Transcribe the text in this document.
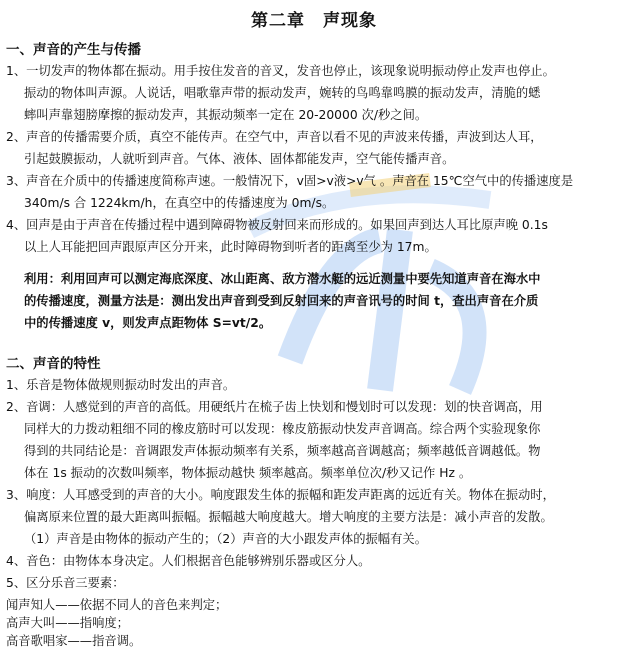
第二章　声现象
一、声音的产生与传播
1、一切发声的物体都在振动。用手按住发音的音叉，发音也停止，该现象说明振动停止发声也停止。
振动的物体叫声源。人说话，唱歌靠声带的振动发声，婉转的鸟鸣靠鸣膜的振动发声，清脆的蟋
蟀叫声靠翅膀摩擦的振动发声，其振动频率一定在 20-20000 次/秒之间。
2、声音的传播需要介质，真空不能传声。在空气中，声音以看不见的声波来传播，声波到达人耳，
引起鼓膜振动，人就听到声音。气体、液体、固体都能发声，空气能传播声音。
3、声音在介质中的传播速度简称声速。一般情况下，v固>v液>v气 。声音在 15℃空气中的传播速度是
340m/s 合 1224km/h，在真空中的传播速度为 0m/s。
4、回声是由于声音在传播过程中遇到障碍物被反射回来而形成的。如果回声到达人耳比原声晚 0.1s
以上人耳能把回声跟原声区分开来，此时障碍物到听者的距离至少为 17m。
利用：利用回声可以测定海底深度、冰山距离、敌方潜水艇的远近测量中要先知道声音在海水中
的传播速度，测量方法是：测出发出声音到受到反射回来的声音讯号的时间 t，查出声音在介质
中的传播速度 v，则发声点距物体 S=vt/2。
二、声音的特性
1、乐音是物体做规则振动时发出的声音。
2、音调：人感觉到的声音的高低。用硬纸片在梳子齿上快划和慢划时可以发现：划的快音调高，用
同样大的力拨动粗细不同的橡皮筋时可以发现：橡皮筋振动快发声音调高。综合两个实验现象你
得到的共同结论是：音调跟发声体振动频率有关系，频率越高音调越高；频率越低音调越低。物
体在 1s 振动的次数叫频率，物体振动越快 频率越高。频率单位次/秒又记作 Hz 。
3、响度：人耳感受到的声音的大小。响度跟发生体的振幅和距发声距离的远近有关。物体在振动时，
偏离原来位置的最大距离叫振幅。振幅越大响度越大。增大响度的主要方法是：减小声音的发散。
（1）声音是由物体的振动产生的；（2）声音的大小跟发声体的振幅有关。
4、音色：由物体本身决定。人们根据音色能够辨别乐器或区分人。
5、区分乐音三要素：
闻声知人——依据不同人的音色来判定；
高声大叫——指响度；
高音歌唱家——指音调。
